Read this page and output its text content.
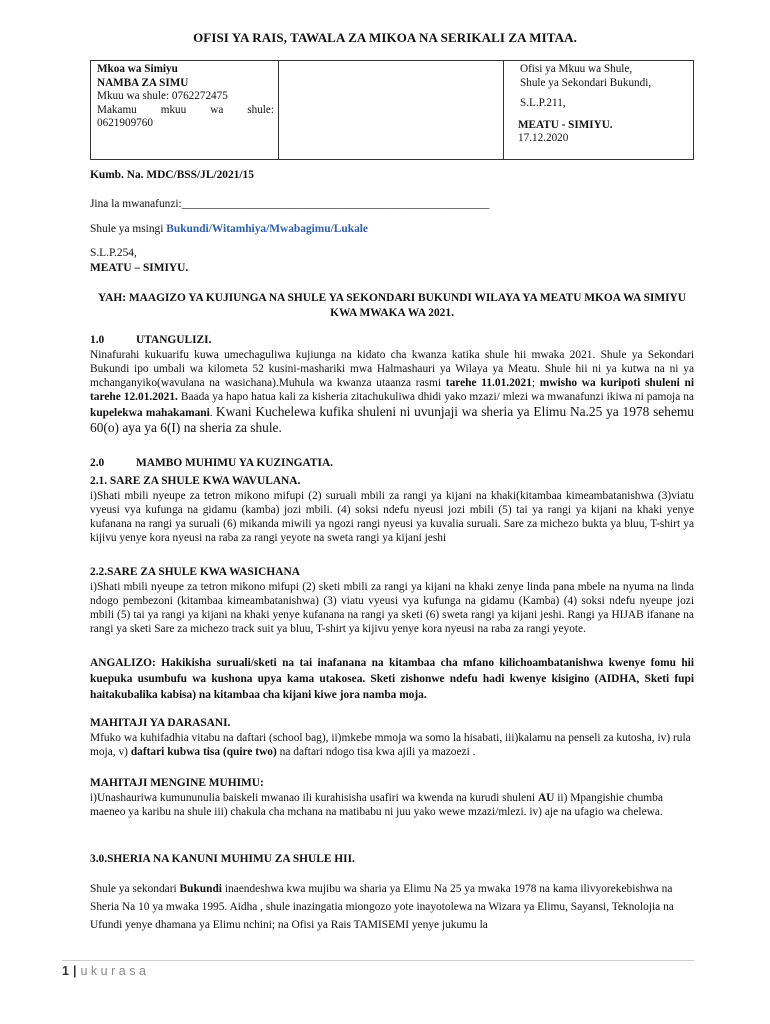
OFISI YA RAIS, TAWALA ZA MIKOA NA SERIKALI ZA MITAA.
Mkoa wa Simiyu
NAMBA ZA SIMU
Mkuu wa shule: 0762272475
Makamu mkuu wa shule:
0621909760
Ofisi ya Mkuu wa Shule,
Shule ya Sekondari Bukundi,
S.L.P.211,
MEATU - SIMIYU.
17.12.2020
Kumb. Na. MDC/BSS/JL/2021/15
Jina la mwanafunzi:______________________________________________________
Shule ya msingi Bukundi/Witamhiya/Mwabagimu/Lukale
S.L.P.254,
MEATU – SIMIYU.
YAH: MAAGIZO YA KUJIUNGA NA SHULE YA SEKONDARI BUKUNDI WILAYA YA MEATU MKOA WA SIMIYU KWA MWAKA WA 2021.
1.0	UTANGULIZI.
Ninafurahi kukuarifu kuwa umechaguliwa kujiunga na kidato cha kwanza katika shule hii mwaka 2021. Shule ya Sekondari Bukundi ipo umbali wa kilometa 52 kusini-mashariki mwa Halmashauri ya Wilaya ya Meatu. Shule hii ni ya kutwa na ni ya mchanganyiko(wavulana na wasichana).Muhula wa kwanza utaanza rasmi tarehe 11.01.2021; mwisho wa kuripoti shuleni ni tarehe 12.01.2021. Baada ya hapo hatua kali za kisheria zitachukuliwa dhidi yako mzazi/ mlezi wa mwanafunzi ikiwa ni pamoja na kupelekwa mahakamani. Kwani Kuchelewa kufika shuleni ni uvunjaji wa sheria ya Elimu Na.25 ya 1978 sehemu 60(o) aya ya 6(I) na sheria za shule.
2.0	MAMBO MUHIMU YA KUZINGATIA.
2.1. SARE ZA SHULE KWA WAVULANA.
i)Shati mbili nyeupe za tetron mikono mifupi (2) suruali mbili za rangi ya kijani na khaki(kitambaa kimeambatanishwa (3)viatu vyeusi vya kufunga na gidamu (kamba) jozi mbili. (4) soksi ndefu nyeusi jozi mbili (5) tai ya rangi ya kijani na khaki yenye kufanana na rangi ya suruali (6) mikanda miwili ya ngozi rangi nyeusi ya kuvalia suruali. Sare za michezo bukta ya bluu, T-shirt ya kijivu yenye kora nyeusi na raba za rangi yeyote na sweta rangi ya kijani jeshi
2.2.SARE ZA SHULE KWA WASICHANA
i)Shati mbili nyeupe za tetron mikono mifupi (2) sketi mbili za rangi ya kijani na khaki zenye linda pana mbele na nyuma na linda ndogo pembezoni (kitambaa kimeambatanishwa) (3) viatu vyeusi vya kufunga na gidamu (Kamba) (4) soksi ndefu nyeupe jozi mbili (5) tai ya rangi ya kijani na khaki yenye kufanana na rangi ya sketi (6) sweta rangi ya kijani jeshi. Rangi ya HIJAB ifanane na rangi ya sketi Sare za michezo track suit ya bluu, T-shirt ya kijivu yenye kora nyeusi na raba za rangi yeyote.
ANGALIZO: Hakikisha suruali/sketi na tai inafanana na kitambaa cha mfano kilichoambatanishwa kwenye fomu hii kuepuka usumbufu wa kushona upya kama utakosea. Sketi zishonwe ndefu hadi kwenye kisigino (AIDHA, Sketi fupi haitakubalika kabisa) na kitambaa cha kijani kiwe jora namba moja.
MAHITAJI YA DARASANI.
Mfuko wa kuhifadhia vitabu na daftari (school bag), ii)mkebe mmoja wa somo la hisabati, iii)kalamu na penseli za kutosha, iv) rula moja, v) daftari kubwa tisa (quire two) na daftari ndogo tisa kwa ajili ya mazoezi .
MAHITAJI MENGINE MUHIMU:
i)Unashauriwa kumununulia baiskeli mwanao ili kurahisisha usafiri wa kwenda na kurudi shuleni AU ii) Mpangishie chumba maeneo ya karibu na shule iii) chakula cha mchana na matibabu ni juu yako wewe mzazi/mlezi. iv) aje na ufagio wa chelewa.
3.0.SHERIA NA KANUNI MUHIMU ZA SHULE HII.
Shule ya sekondari Bukundi inaendeshwa kwa mujibu wa sharia ya Elimu Na 25 ya mwaka 1978 na kama ilivyorekebishwa na Sheria Na 10 ya mwaka 1995. Aidha , shule inazingatia miongozo yote inayotolewa na Wizara ya Elimu, Sayansi, Teknolojia na Ufundi yenye dhamana ya Elimu nchini; na Ofisi ya Rais TAMISEMI yenye jukumu la
1 | ukurasa
